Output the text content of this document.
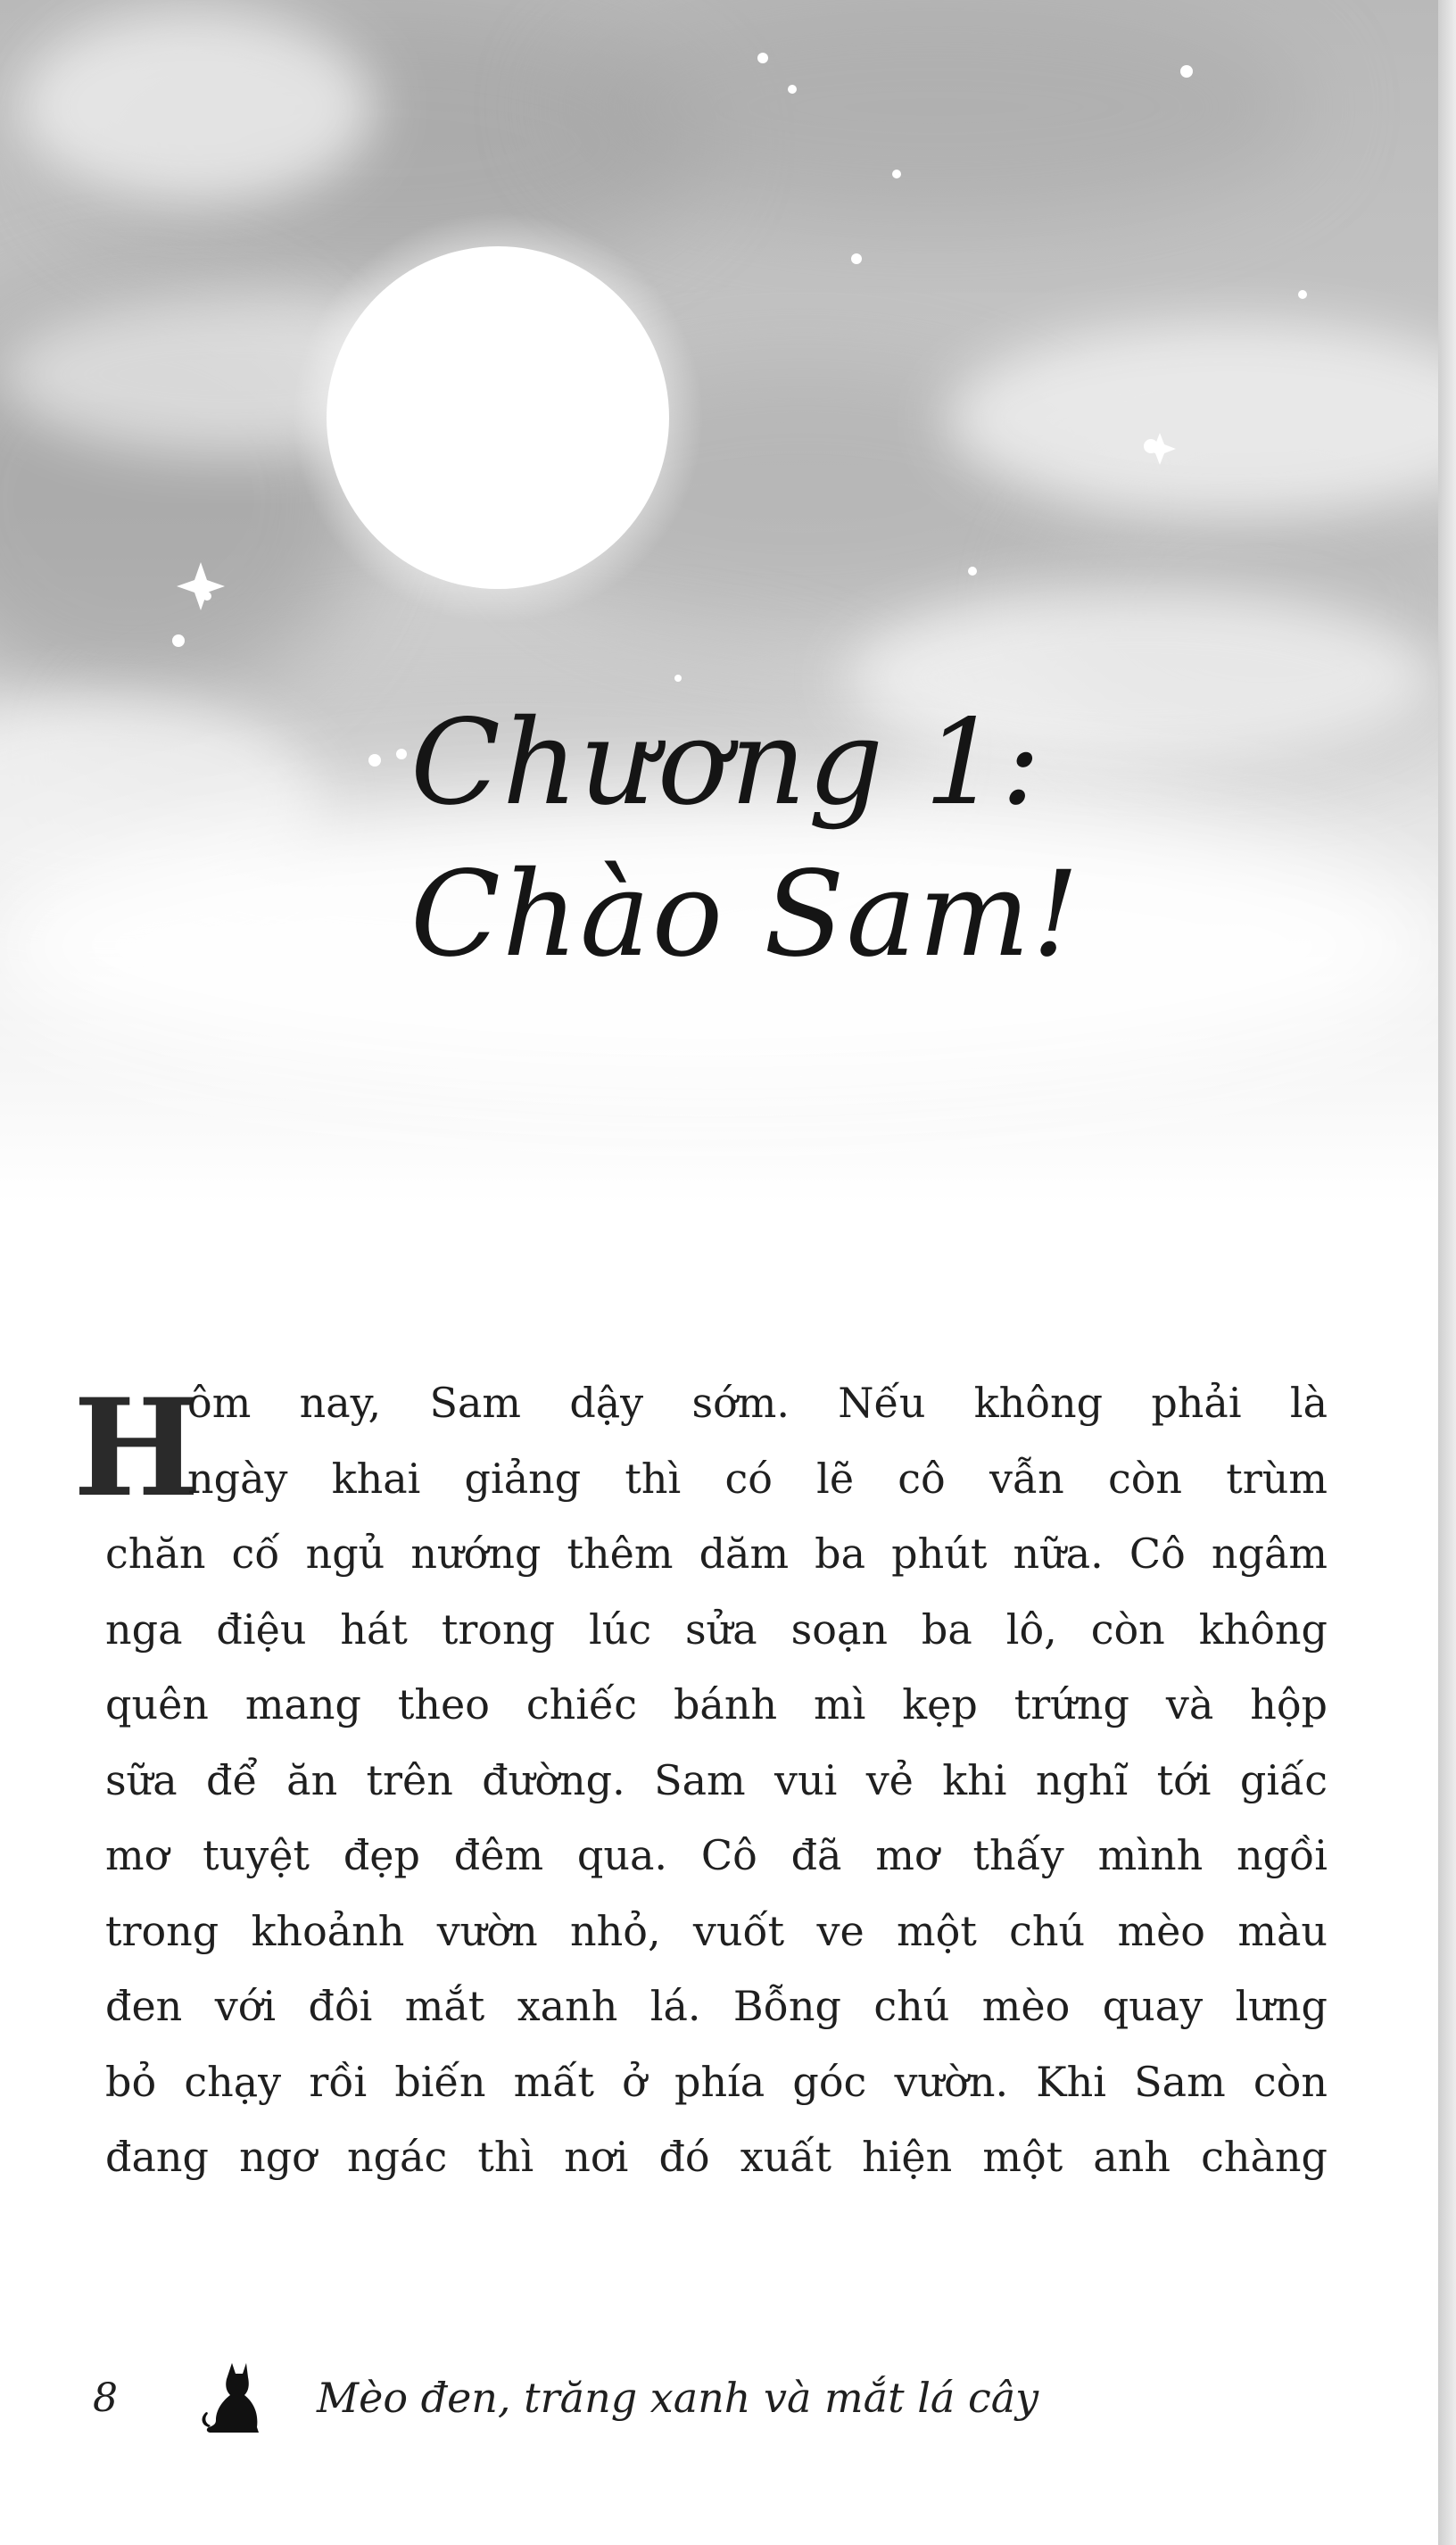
Chương 1:
Chào Sam!
H
ôm nay, Sam dậy sớm. Nếu không phải là
ngày khai giảng thì có lẽ cô vẫn còn trùm
chăn cố ngủ nướng thêm dăm ba phút nữa. Cô ngâm
nga điệu hát trong lúc sửa soạn ba lô, còn không
quên mang theo chiếc bánh mì kẹp trứng và hộp
sữa để ăn trên đường. Sam vui vẻ khi nghĩ tới giấc
mơ tuyệt đẹp đêm qua. Cô đã mơ thấy mình ngồi
trong khoảnh vườn nhỏ, vuốt ve một chú mèo màu
đen với đôi mắt xanh lá. Bỗng chú mèo quay lưng
bỏ chạy rồi biến mất ở phía góc vườn. Khi Sam còn
đang ngơ ngác thì nơi đó xuất hiện một anh chàng
8	Mèo đen, trăng xanh và mắt lá cây
